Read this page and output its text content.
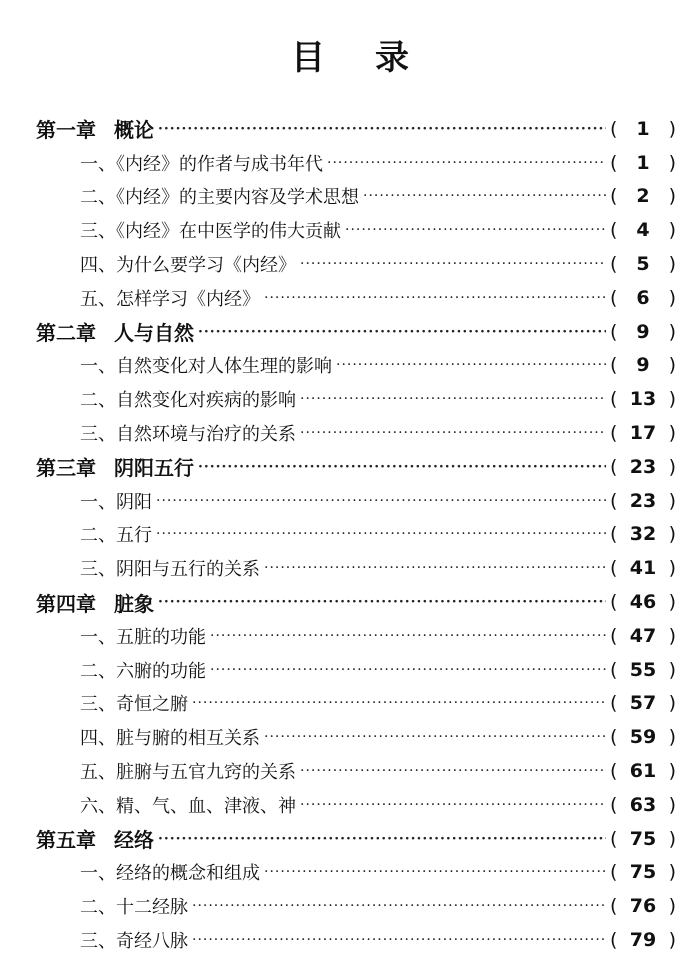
目录
第一章 概论 ·····	( 1 )
一、《内经》的作者与成书年代 ·····	( 1 )
二、《内经》的主要内容及学术思想 ·····	( 2 )
三、《内经》在中医学的伟大贡献 ·····	( 4 )
四、为什么要学习《内经》 ·····	( 5 )
五、怎样学习《内经》 ·····	( 6 )
第二章 人与自然 ·····	( 9 )
一、自然变化对人体生理的影响 ·····	( 9 )
二、自然变化对疾病的影响 ·····	( 13 )
三、自然环境与治疗的关系 ·····	( 17 )
第三章 阴阳五行 ·····	( 23 )
一、阴阳 ·····	( 23 )
二、五行 ·····	( 32 )
三、阴阳与五行的关系 ·····	( 41 )
第四章 脏象 ·····	( 46 )
一、五脏的功能 ·····	( 47 )
二、六腑的功能 ·····	( 55 )
三、奇恒之腑 ·····	( 57 )
四、脏与腑的相互关系 ·····	( 59 )
五、脏腑与五官九窍的关系 ·····	( 61 )
六、精、气、血、津液、神 ·····	( 63 )
第五章 经络 ·····	( 75 )
一、经络的概念和组成 ·····	( 75 )
二、十二经脉 ·····	( 76 )
三、奇经八脉 ·····	( 79 )
